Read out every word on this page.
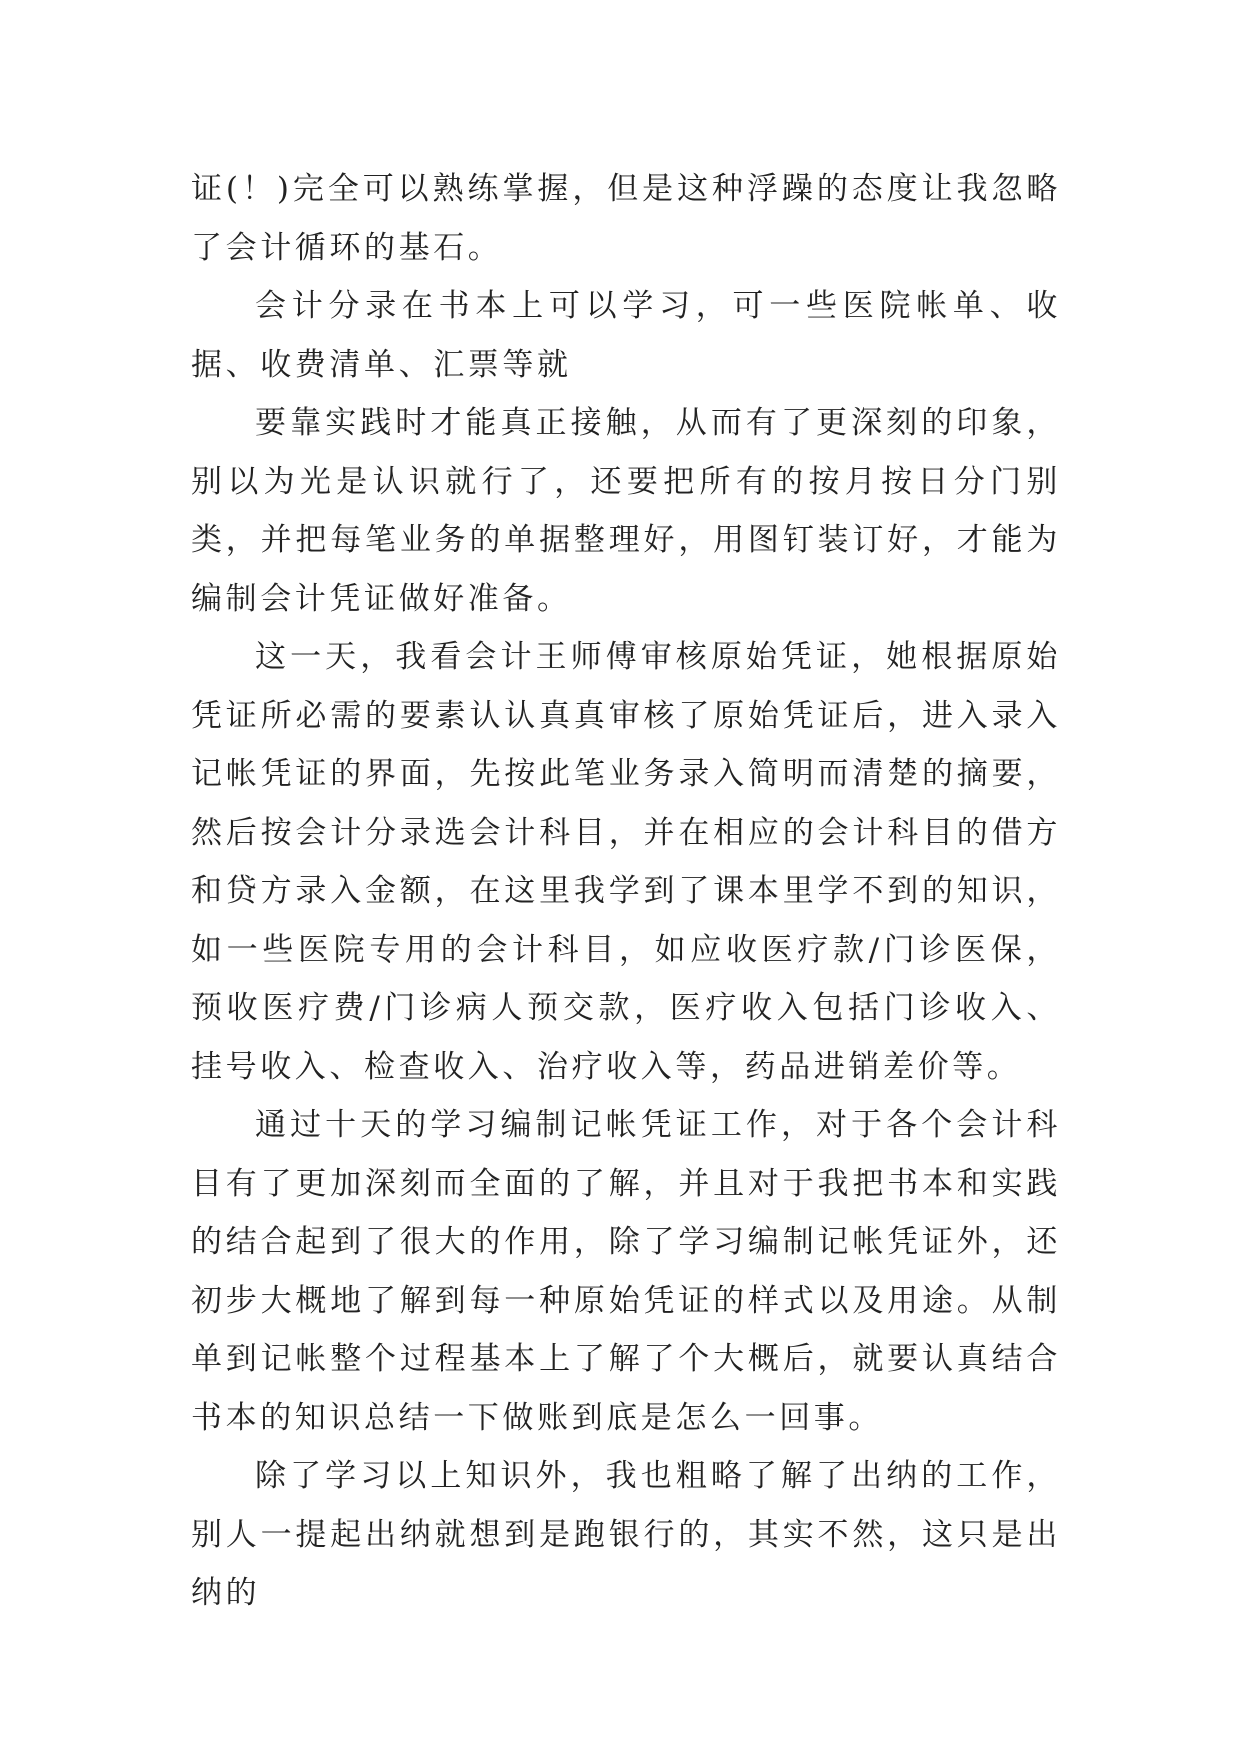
证(！)完全可以熟练掌握，但是这种浮躁的态度让我忽略了会计循环的基石。

会计分录在书本上可以学习，可一些医院帐单、收据、收费清单、汇票等就

要靠实践时才能真正接触，从而有了更深刻的印象，别以为光是认识就行了，还要把所有的按月按日分门别类，并把每笔业务的单据整理好，用图钉装订好，才能为编制会计凭证做好准备。

这一天，我看会计王师傅审核原始凭证，她根据原始凭证所必需的要素认认真真审核了原始凭证后，进入录入记帐凭证的界面，先按此笔业务录入简明而清楚的摘要，然后按会计分录选会计科目，并在相应的会计科目的借方和贷方录入金额，在这里我学到了课本里学不到的知识，如一些医院专用的会计科目，如应收医疗款/门诊医保，预收医疗费/门诊病人预交款，医疗收入包括门诊收入、挂号收入、检查收入、治疗收入等，药品进销差价等。

通过十天的学习编制记帐凭证工作，对于各个会计科目有了更加深刻而全面的了解，并且对于我把书本和实践的结合起到了很大的作用，除了学习编制记帐凭证外，还初步大概地了解到每一种原始凭证的样式以及用途。从制单到记帐整个过程基本上了解了个大概后，就要认真结合书本的知识总结一下做账到底是怎么一回事。

除了学习以上知识外，我也粗略了解了出纳的工作，别人一提起出纳就想到是跑银行的，其实不然，这只是出纳的
